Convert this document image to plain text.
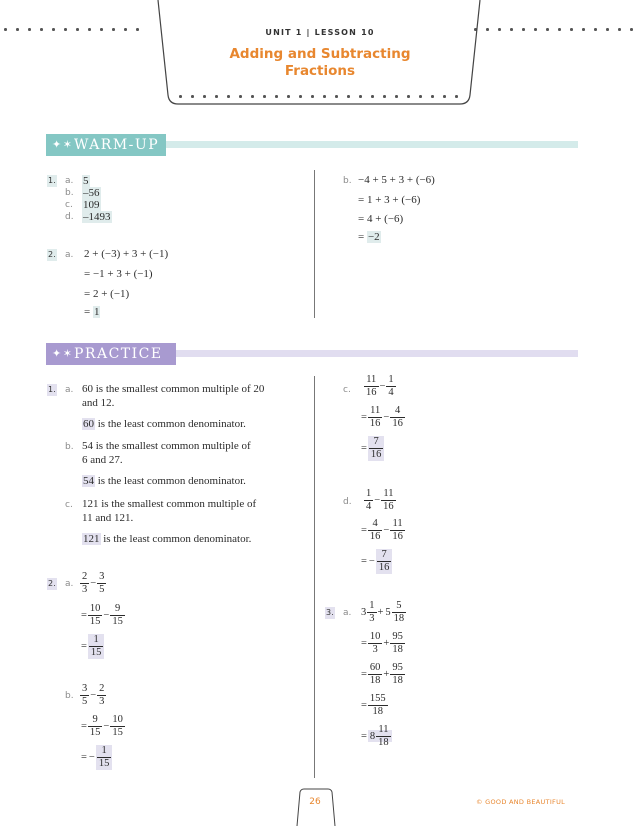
UNIT 1 | LESSON 10
Adding and Subtracting
Fractions
✦✶ WARM-UP
1. a. 5
b. –56
c. 109
d. –1493
2. a. 2 + (−3) + 3 + (−1)
= −1 + 3 + (−1)
= 2 + (−1)
= 1
b. −4 + 5 + 3 + (−6)
= 1 + 3 + (−6)
= 4 + (−6)
= −2
✦✶ PRACTICE
1. a. 60 is the smallest common multiple of 20
and 12.
60 is the least common denominator.
b. 54 is the smallest common multiple of
6 and 27.
54 is the least common denominator.
c. 121 is the smallest common multiple of
11 and 121.
121 is the least common denominator.
2. a. $\frac{2}{3} - \frac{3}{5}$
= $\frac{10}{15} - \frac{9}{15}$
= $\frac{1}{15}$
b. $\frac{3}{5} - \frac{2}{3}$
= $\frac{9}{15} - \frac{10}{15}$
= − $\frac{1}{15}$
c. $\frac{11}{16} - \frac{1}{4}$
= $\frac{11}{16} - \frac{4}{16}$
= $\frac{7}{16}$
d. $\frac{1}{4} - \frac{11}{16}$
= $\frac{4}{16} - \frac{11}{16}$
= − $\frac{7}{16}$
3. a. $3 \frac{1}{3} + 5 \frac{5}{18}$
= $\frac{10}{3} + \frac{95}{18}$
= $\frac{60}{18} + \frac{95}{18}$
= $\frac{155}{18}$
= $8 \frac{11}{18}$
26	© GOOD AND BEAUTIFUL
